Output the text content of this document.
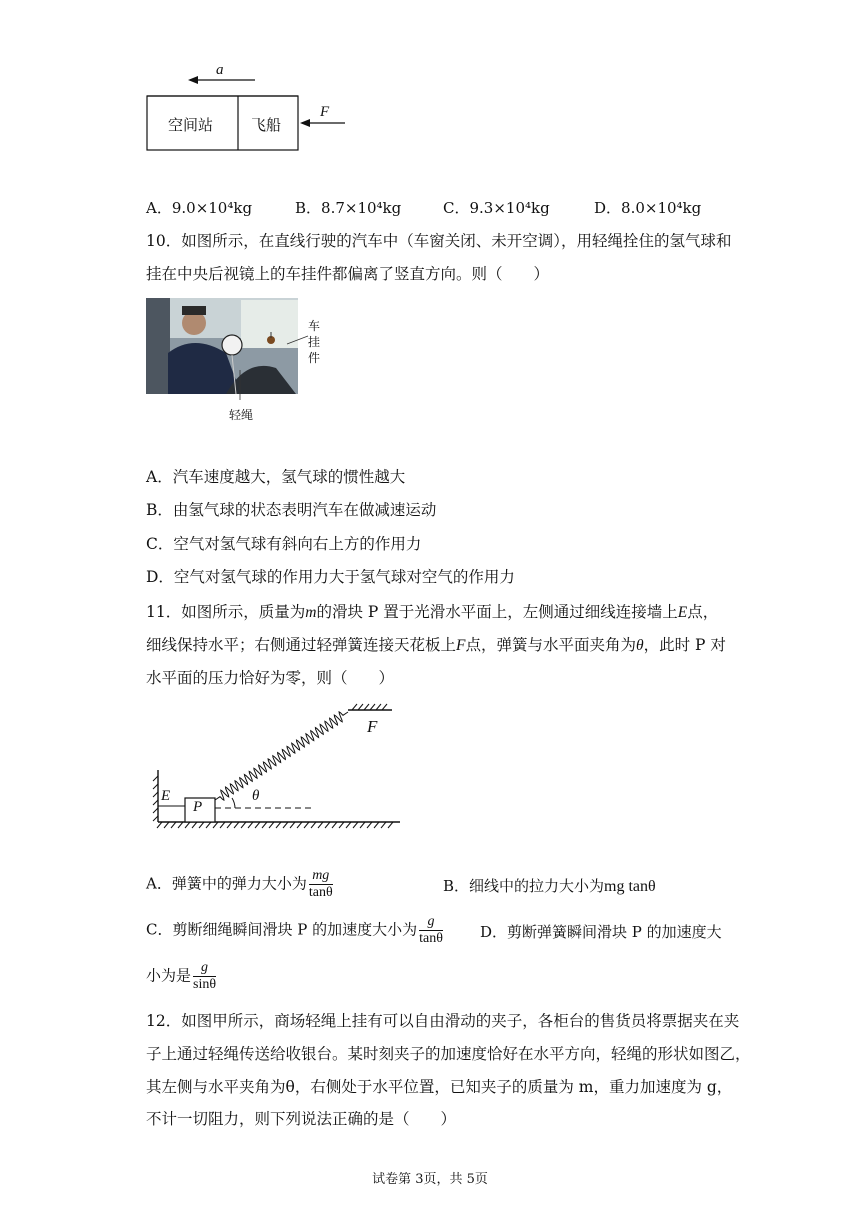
a
空间站	飞船
F
A．9.0×10⁴kg	B．8.7×10⁴kg	C．9.3×10⁴kg	D．8.0×10⁴kg
10．如图所示，在直线行驶的汽车中（车窗关闭、未开空调），用轻绳拴住的氢气球和
挂在中央后视镜上的车挂件都偏离了竖直方向。则（　　）
车挂件
轻绳
A．汽车速度越大，氢气球的惯性越大
B．由氢气球的状态表明汽车在做减速运动
C．空气对氢气球有斜向右上方的作用力
D．空气对氢气球的作用力大于氢气球对空气的作用力
11．如图所示，质量为m的滑块 P 置于光滑水平面上，左侧通过细线连接墙上E点，
细线保持水平；右侧通过轻弹簧连接天花板上F点，弹簧与水平面夹角为θ，此时 P 对
水平面的压力恰好为零，则（　　）
E
P
F
θ
A．弹簧中的弹力大小为 $\frac{mg}{\tan\theta}$	B．细线中的拉力大小为mg tanθ
C．剪断细绳瞬间滑块 P 的加速度大小为 $\frac{g}{\tan\theta}$ D．剪断弹簧瞬间滑块 P 的加速度大
小为是 $\frac{g}{\sin\theta}$
12．如图甲所示，商场轻绳上挂有可以自由滑动的夹子，各柜台的售货员将票据夹在夹
子上通过轻绳传送给收银台。某时刻夹子的加速度恰好在水平方向，轻绳的形状如图乙，
其左侧与水平夹角为θ，右侧处于水平位置，已知夹子的质量为 m，重力加速度为 g，
不计一切阻力，则下列说法正确的是（　　）
试卷第 3页，共 5页
